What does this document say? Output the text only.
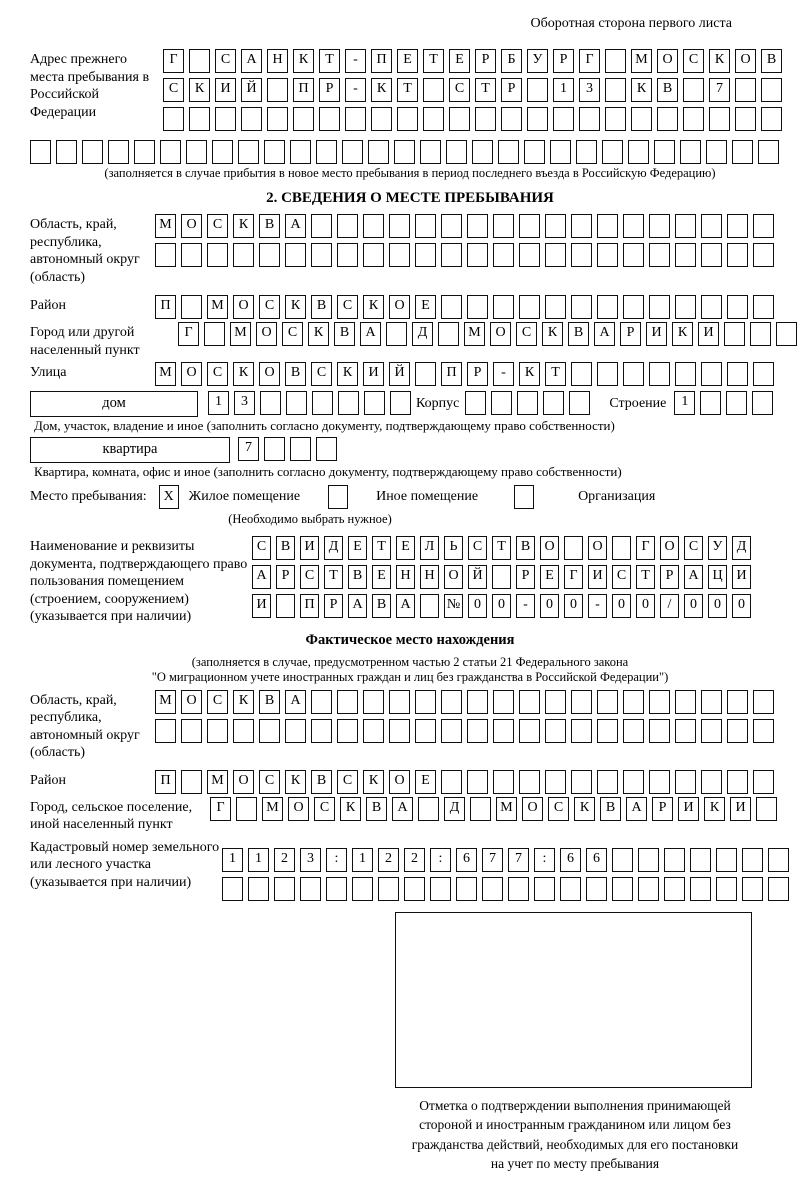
Оборотная сторона первого листа
Адрес прежнего места пребывания в Российской Федерации
Г	С А Н К Т - П Е Т Е Р Б У Р Г	М О С К О В
С К И Й	П Р - К Т	С Т Р	1 3	К В	7
(заполняется в случае прибытия в новое место пребывания в период последнего въезда в Российскую Федерацию)
2. СВЕДЕНИЯ О МЕСТЕ ПРЕБЫВАНИЯ
Область, край, республика, автономный округ (область)
М О С К В А
Район	П	М О С К В С К О Е
Город или другой населенный пункт
Г	М О С К В А	Д	М О С К В А Р И К И
Улица	М О С К О В С К И Й	П Р - К Т
дом	1 3	Корпус	Строение 1
Дом, участок, владение и иное (заполнить согласно документу, подтверждающему право собственности)
квартира	7
Квартира, комната, офис и иное (заполнить согласно документу, подтверждающему право собственности)
Место пребывания:	X	Жилое помещение	Иное помещение	Организация
(Необходимо выбрать нужное)
Наименование и реквизиты документа, подтверждающего право пользования помещением (строением, сооружением) (указывается при наличии)
С В И Д Е Т Е Л Ь С Т В О	О	Г О С У Д
А Р С Т В Е Н Н О Й	Р Е Г И С Т Р А Ц И
И	П Р А В А	№ 0 0 - 0 0 - 0 0 / 0 0 0
Фактическое место нахождения
(заполняется в случае, предусмотренном частью 2 статьи 21 Федерального закона
"О миграционном учете иностранных граждан и лиц без гражданства в Российской Федерации")
Область, край, республика, автономный округ (область)
М О С К В А
Район	П	М О С К В С К О Е
Город, сельское поселение, иной населенный пункт
Г	М О С К В А	Д	М О С К В А Р И К И
Кадастровый номер земельного или лесного участка (указывается при наличии)
1 1 2 3 : 1 2 2 : 6 7 7 : 6 6
Отметка о подтверждении выполнения принимающей
стороной и иностранным гражданином или лицом без
гражданства действий, необходимых для его постановки
на учет по месту пребывания
